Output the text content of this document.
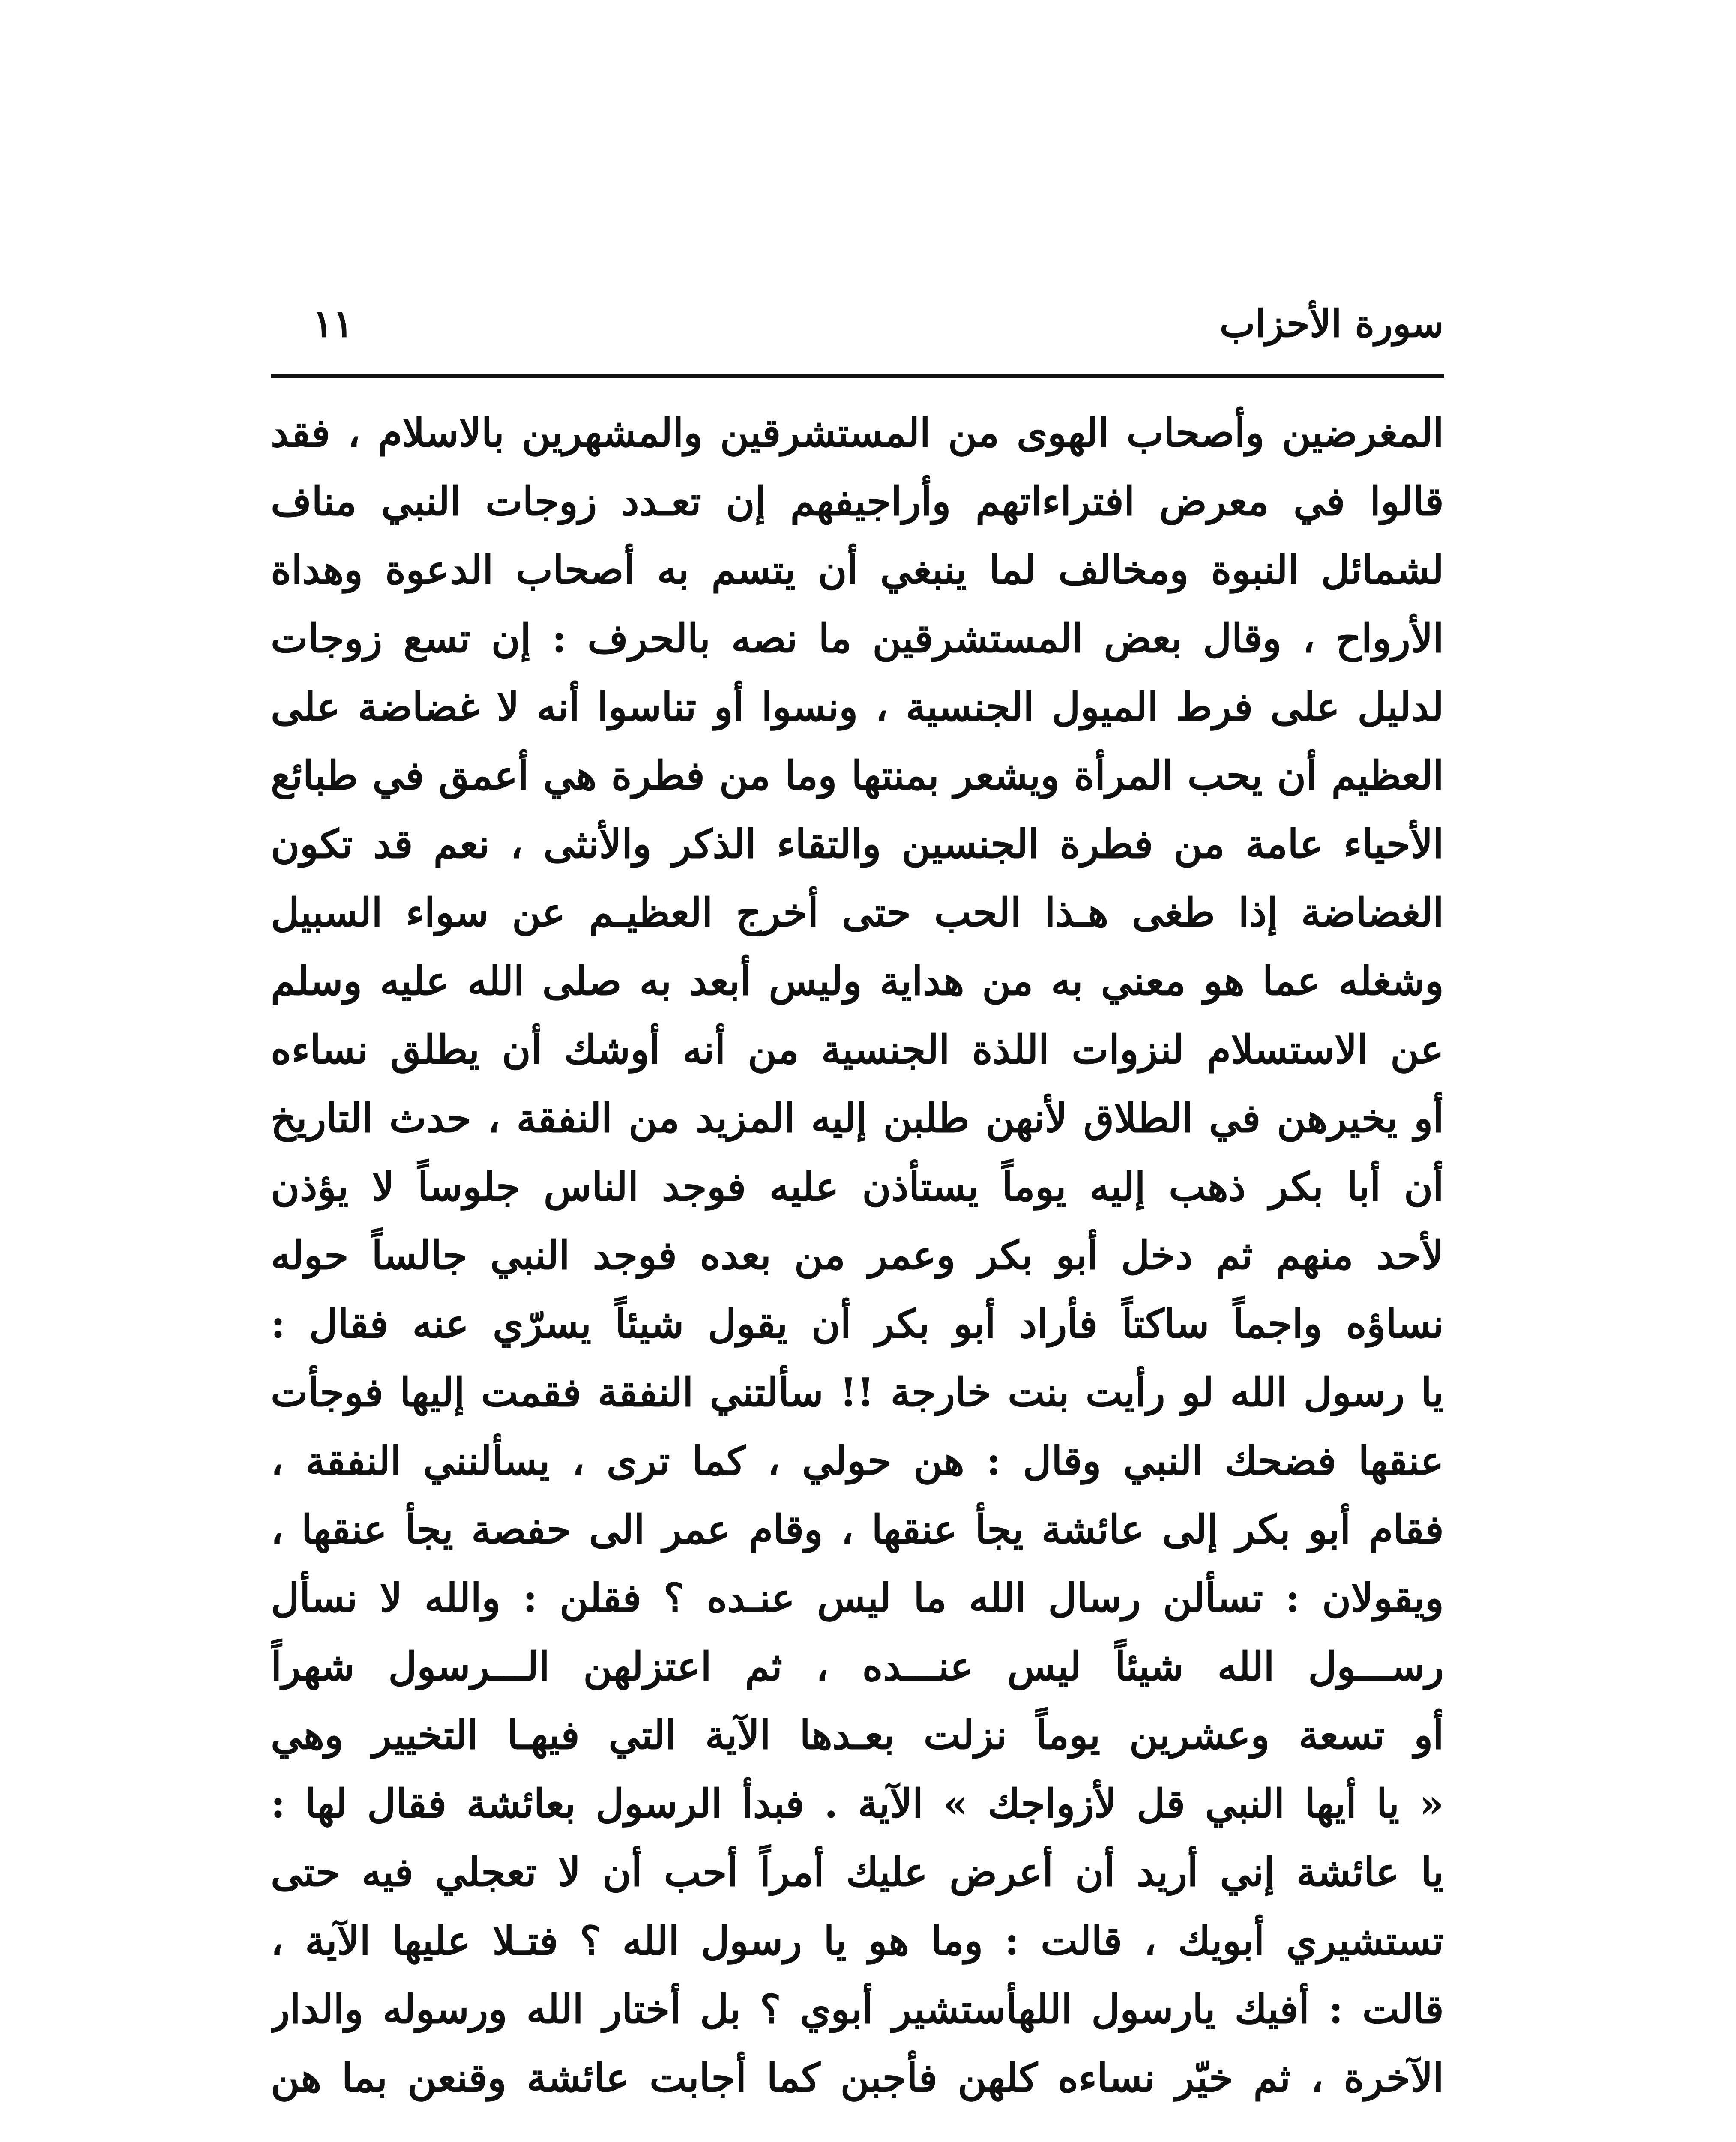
سورة الأحزاب
١١
المغرضين وأصحاب الهوى من المستشرقين والمشهرين بالاسلام ، فقد
قالوا في معرض افتراءاتهم وأراجيفهم إن تعـدد زوجات النبي مناف
لشمائل النبوة ومخالف لما ينبغي أن يتسم به أصحاب الدعوة وهداة
الأرواح ، وقال بعض المستشرقين ما نصه بالحرف : إن تسع زوجات
لدليل على فرط الميول الجنسية ، ونسوا أو تناسوا أنه لا غضاضة على
العظيم أن يحب المرأة ويشعر بمنتها وما من فطرة هي أعمق في طبائع
الأحياء عامة من فطرة الجنسين والتقاء الذكر والأنثى ، نعم قد تكون
الغضاضة إذا طغى هـذا الحب حتى أخرج العظيـم عن سواء السبيل
وشغله عما هو معني به من هداية وليس أبعد به صلى الله عليه وسلم
عن الاستسلام لنزوات اللذة الجنسية من أنه أوشك أن يطلق نساءه
أو يخيرهن في الطلاق لأنهن طلبن إليه المزيد من النفقة ، حدث التاريخ
أن أبا بكر ذهب إليه يوماً يستأذن عليه فوجد الناس جلوساً لا يؤذن
لأحد منهم ثم دخل أبو بكر وعمر من بعده فوجد النبي جالساً حوله
نساؤه واجماً ساكتاً فأراد أبو بكر أن يقول شيئاً يسرّي عنه فقال :
يا رسول الله لو رأيت بنت خارجة !! سألتني النفقة فقمت إليها فوجأت
عنقها فضحك النبي وقال : هن حولي ، كما ترى ، يسألنني النفقة ،
فقام أبو بكر إلى عائشة يجأ عنقها ، وقام عمر الى حفصة يجأ عنقها ،
ويقولان : تسألن رسال الله ما ليس عنـده ؟ فقلن : والله لا نسأل
رســـول الله شيئاً ليس عنـــده ، ثم اعتزلهن الـــرسول شهراً
أو تسعة وعشرين يوماً نزلت بعـدها الآية التي فيهـا التخيير وهي
« يا أيها النبي قل لأزواجك » الآية . فبدأ الرسول بعائشة فقال لها :
يا عائشة إني أريد أن أعرض عليك أمراً أحب أن لا تعجلي فيه حتى
تستشيري أبويك ، قالت : وما هو يا رسول الله ؟ فتـلا عليها الآية ،
قالت : أفيك يارسول اللهأستشير أبوي ؟ بل أختار الله ورسوله والدار
الآخرة ، ثم خيّر نساءه كلهن فأجبن كما أجابت عائشة وقنعن بما هن
